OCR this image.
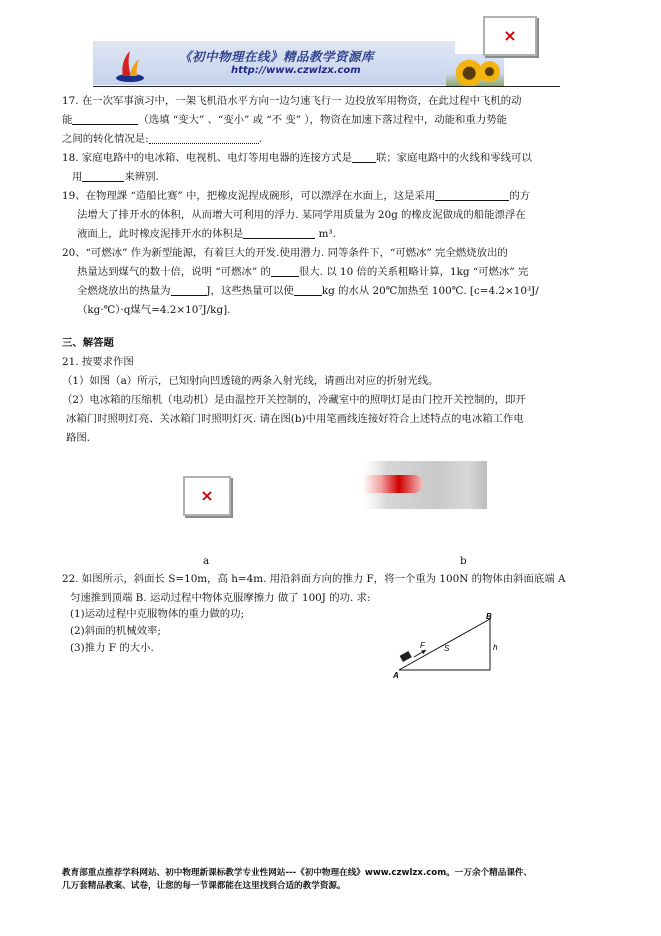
《初中物理在线》精品教学资源库
http://www.czwlzx.com
×
17. 在一次军事演习中，一架飞机沿水平方向一边匀速飞行一 边投放军用物资，在此过程中飞机的动
能	（选填 “变大” 、“变小” 或 “不 变” ），物资在加速下落过程中，动能和重力势能
之间的转化情况是:	.
18. 家庭电路中的电冰箱、电视机、电灯等用电器的连接方式是 联；家庭电路中的火线和零线可以
用	来辨别.
19、在物理課 “造船比赛” 中，把橡皮泥捏成碗形，可以漂浮在水面上，这是采用	的方
法增大了排开水的体积，从而增大可利用的浮力. 某同学用质量为 20g 的橡皮泥做成的船能漂浮在
液面上，此时橡皮泥排开水的体积是	m³.
20、“可燃冰” 作为新型能源，有着巨大的开发.使用潜力. 同等条件下，“可燃冰” 完全燃烧放出的
热量达到煤气的数十倍，说明 “可燃冰” 的	很大. 以 10 倍的关系粗略计算，1kg “可燃冰” 完
全燃烧放出的热量为	J，这些热量可以使	kg 的水从 20℃加热至 100℃. [c=4.2×10³J/
（kg·℃）·q煤气=4.2×10⁷J/kg].
三、解答题
21. 按要求作图
（1）如图（a）所示，已知射向凹透镜的两条入射光线，请画出对应的折射光线。
（2）电冰箱的压缩机（电动机）是由温控开关控制的，冷藏室中的照明灯是由门控开关控制的，即开
冰箱门时照明灯亮、关冰箱门时照明灯灭. 请在图(b)中用笔画线连接好符合上述特点的电冰箱工作电
路图.
×
a	b
22. 如图所示，斜面长 S=10m，高 h=4m. 用沿斜面方向的推力 F，将一个重为 100N 的物体由斜面底端 A
匀速推到顶端 B. 运动过程中物体克服摩擦力 做了 100J 的功. 求:
(1)运动过程中克服物体的重力做的功;
(2)斜面的机械效率;
(3)推力 F 的大小.
A
B
F S	h
教育部重点推荐学科网站、初中物理新课标教学专业性网站---《初中物理在线》www.czwlzx.com。一万余个精品课件、
几万套精品教案、试卷，让您的每一节课都能在这里找到合适的教学资源。
